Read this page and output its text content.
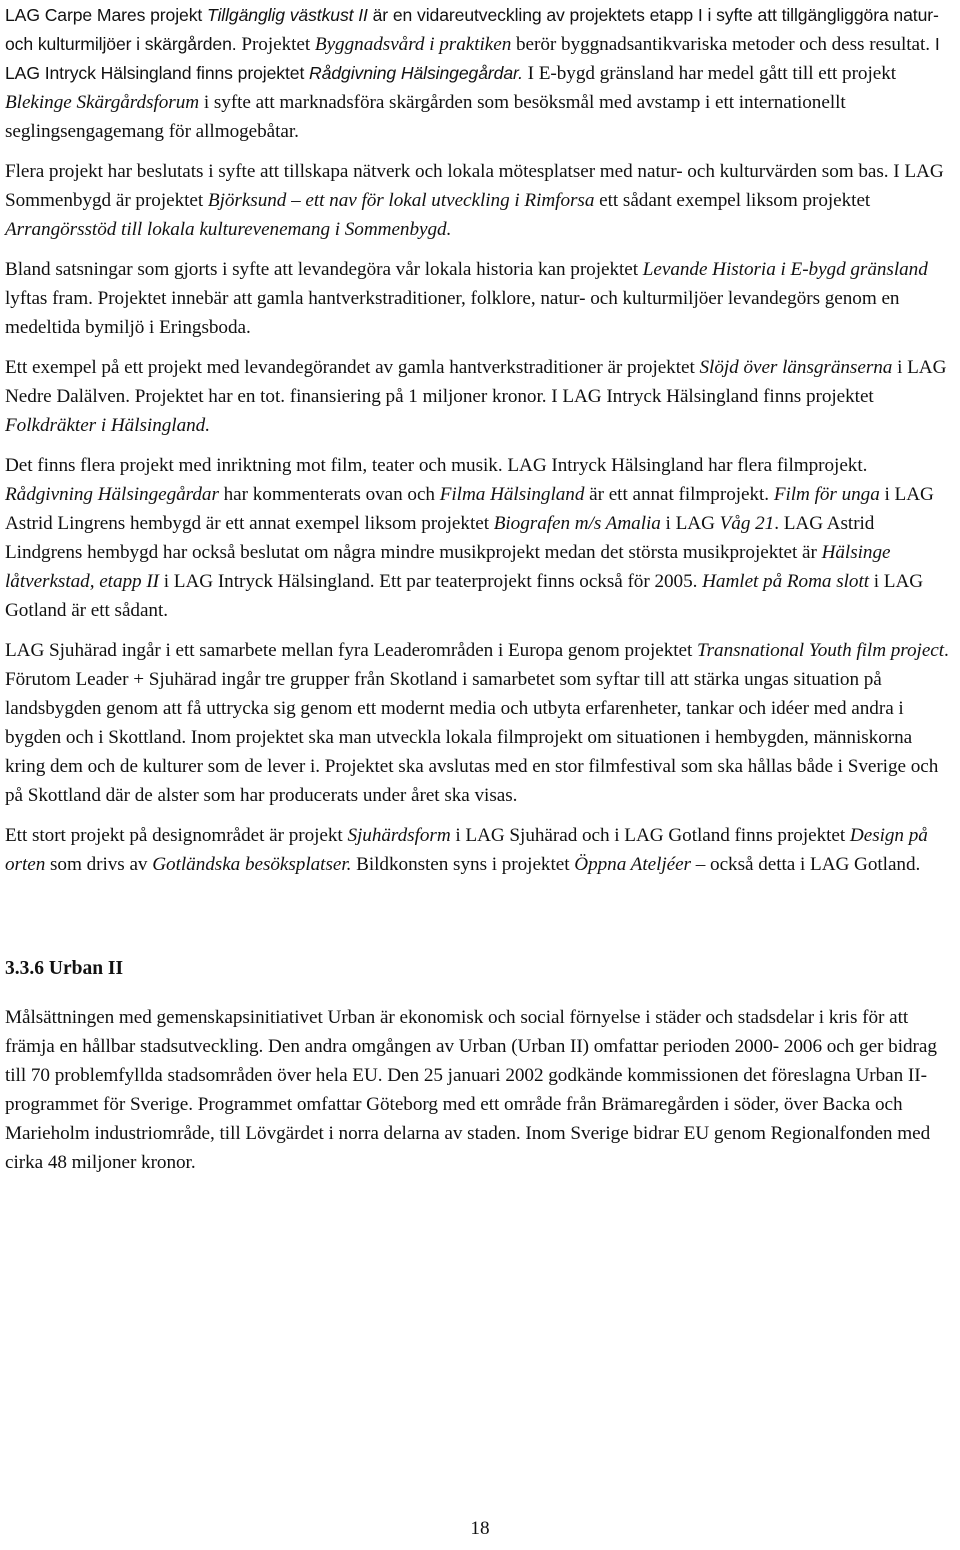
LAG Carpe Mares projekt Tillgänglig västkust II är en vidareutveckling av projektets etapp I i syfte att tillgängliggöra natur- och kulturmiljöer i skärgården. Projektet Byggnadsvård i praktiken berör byggnadsantikvariska metoder och dess resultat. I LAG Intryck Hälsingland finns projektet Rådgivning Hälsingegårdar. I E-bygd gränsland har medel gått till ett projekt Blekinge Skärgårdsforum i syfte att marknadsföra skärgården som besöksmål med avstamp i ett internationellt seglingsengagemang för allmogebåtar.

Flera projekt har beslutats i syfte att tillskapa nätverk och lokala mötesplatser med natur- och kulturvärden som bas. I LAG Sommenbygd är projektet Björksund – ett nav för lokal utveckling i Rimforsa ett sådant exempel liksom projektet Arrangörsstöd till lokala kulturevenemang i Sommenbygd.

Bland satsningar som gjorts i syfte att levandegöra vår lokala historia kan projektet Levande Historia i E-bygd gränsland lyftas fram. Projektet innebär att gamla hantverkstraditioner, folklore, natur- och kulturmiljöer levandegörs genom en medeltida bymiljö i Eringsboda.

Ett exempel på ett projekt med levandegörandet av gamla hantverkstraditioner är projektet Slöjd över länsgränserna i LAG Nedre Dalälven. Projektet har en tot. finansiering på 1 miljoner kronor. I LAG Intryck Hälsingland finns projektet Folkdräkter i Hälsingland.

Det finns flera projekt med inriktning mot film, teater och musik. LAG Intryck Hälsingland har flera filmprojekt. Rådgivning Hälsingegårdar har kommenterats ovan och Filma Hälsingland är ett annat filmprojekt. Film för unga i LAG Astrid Lingrens hembygd är ett annat exempel liksom projektet Biografen m/s Amalia i LAG Våg 21. LAG Astrid Lindgrens hembygd har också beslutat om några mindre musikprojekt medan det största musikprojektet är Hälsinge låtverkstad, etapp II i LAG Intryck Hälsingland. Ett par teaterprojekt finns också för 2005. Hamlet på Roma slott i LAG Gotland är ett sådant.

LAG Sjuhärad ingår i ett samarbete mellan fyra Leaderområden i Europa genom projektet Transnational Youth film project. Förutom Leader + Sjuhärad ingår tre grupper från Skotland i samarbetet som syftar till att stärka ungas situation på landsbygden genom att få uttrycka sig genom ett modernt media och utbyta erfarenheter, tankar och idéer med andra i bygden och i Skottland. Inom projektet ska man utveckla lokala filmprojekt om situationen i hembygden, människorna kring dem och de kulturer som de lever i. Projektet ska avslutas med en stor filmfestival som ska hållas både i Sverige och på Skottland där de alster som har producerats under året ska visas.

Ett stort projekt på designområdet är projekt Sjuhärdsform i LAG Sjuhärad och i LAG Gotland finns projektet Design på orten som drivs av Gotländska besöksplatser. Bildkonsten syns i projektet Öppna Ateljéer – också detta i LAG Gotland.

3.3.6 Urban II

Målsättningen med gemenskapsinitiativet Urban är ekonomisk och social förnyelse i städer och stadsdelar i kris för att främja en hållbar stadsutveckling. Den andra omgången av Urban (Urban II) omfattar perioden 2000- 2006 och ger bidrag till 70 problemfyllda stadsområden över hela EU. Den 25 januari 2002 godkände kommissionen det föreslagna Urban II-programmet för Sverige. Programmet omfattar Göteborg med ett område från Brämaregården i söder, över Backa och Marieholm industriområde, till Lövgärdet i norra delarna av staden. Inom Sverige bidrar EU genom Regionalfonden med cirka 48 miljoner kronor.

18
